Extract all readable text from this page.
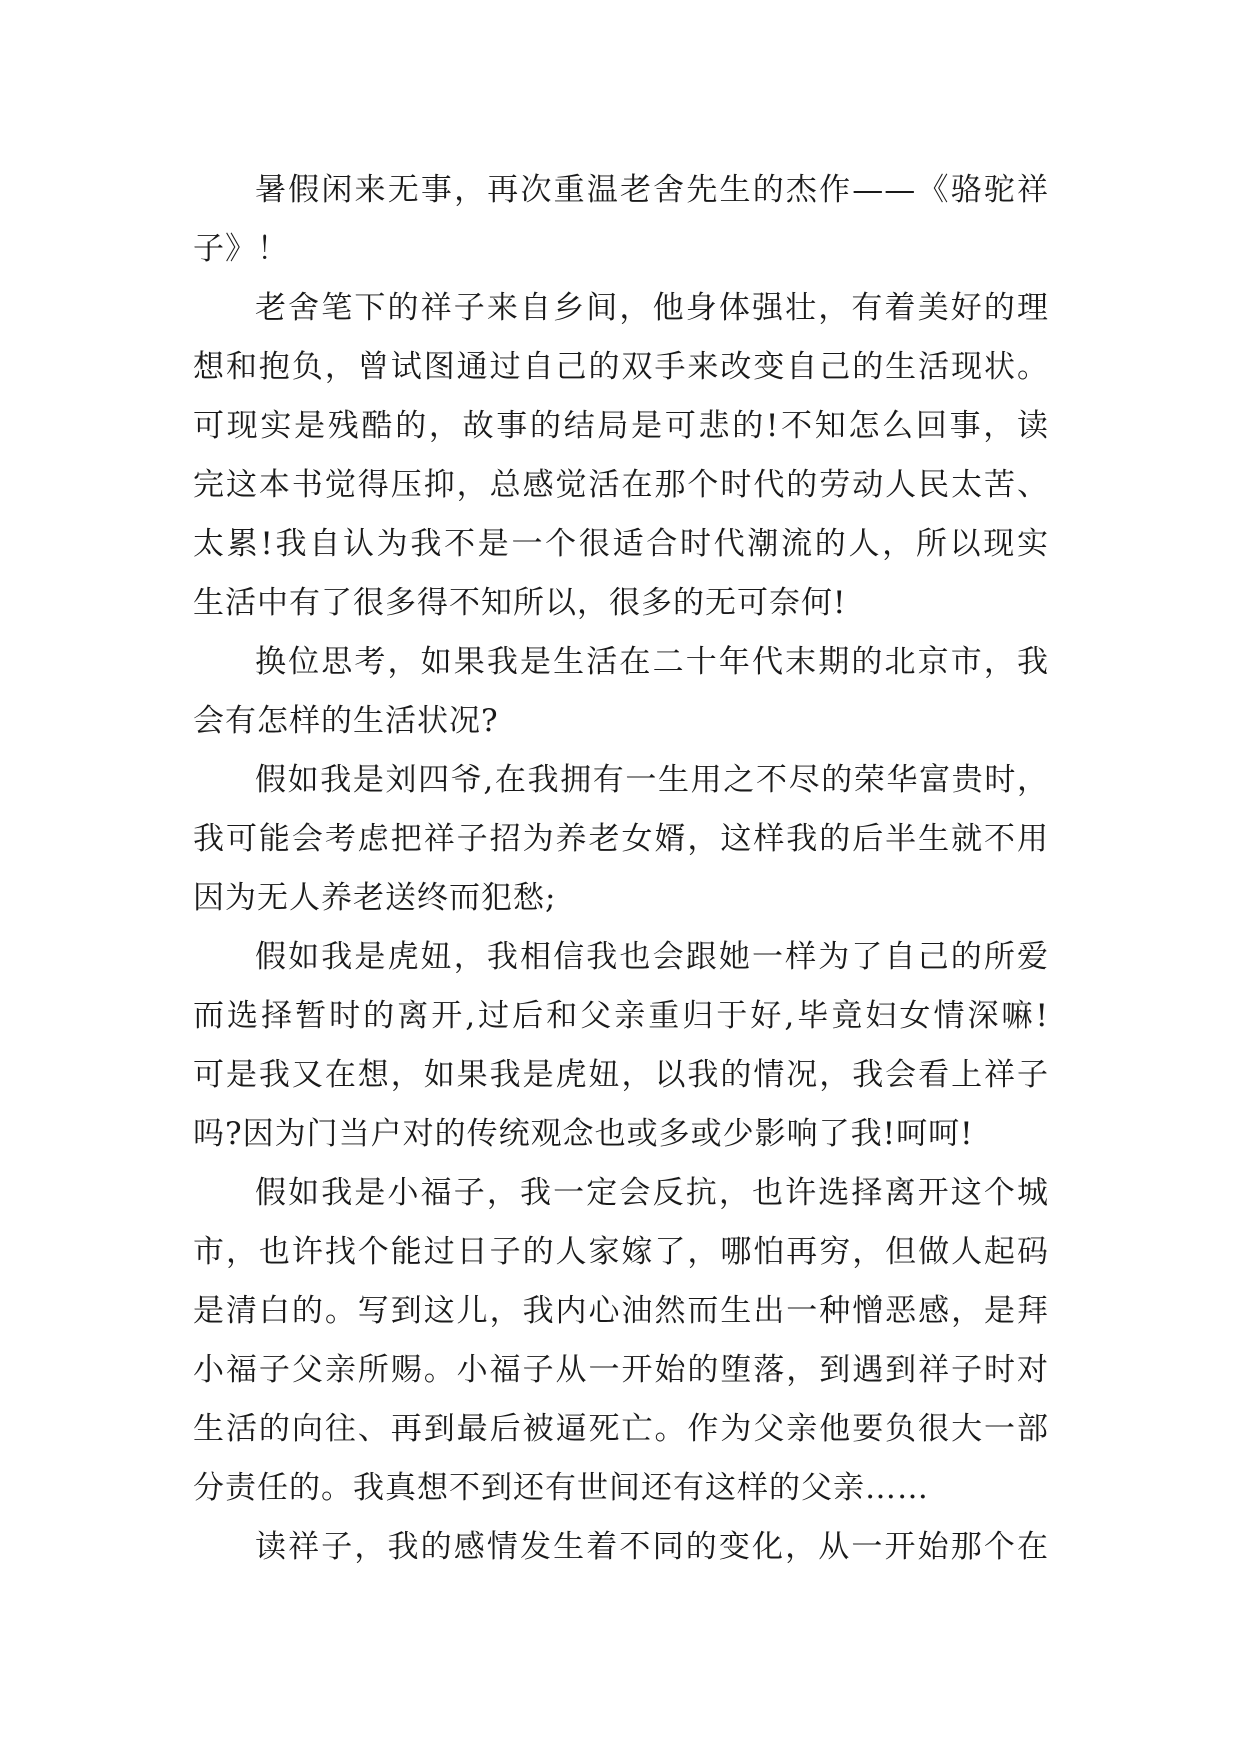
暑假闲来无事，再次重温老舍先生的杰作——《骆驼祥
子》！
老舍笔下的祥子来自乡间，他身体强壮，有着美好的理
想和抱负，曾试图通过自己的双手来改变自己的生活现状。
可现实是残酷的，故事的结局是可悲的!不知怎么回事，读
完这本书觉得压抑，总感觉活在那个时代的劳动人民太苦、
太累!我自认为我不是一个很适合时代潮流的人，所以现实
生活中有了很多得不知所以，很多的无可奈何!
换位思考，如果我是生活在二十年代末期的北京市，我
会有怎样的生活状况?
假如我是刘四爷,在我拥有一生用之不尽的荣华富贵时，
我可能会考虑把祥子招为养老女婿，这样我的后半生就不用
因为无人养老送终而犯愁;
假如我是虎妞，我相信我也会跟她一样为了自己的所爱
而选择暂时的离开,过后和父亲重归于好,毕竟妇女情深嘛!
可是我又在想，如果我是虎妞，以我的情况，我会看上祥子
吗?因为门当户对的传统观念也或多或少影响了我!呵呵!
假如我是小福子，我一定会反抗，也许选择离开这个城
市，也许找个能过日子的人家嫁了，哪怕再穷，但做人起码
是清白的。写到这儿，我内心油然而生出一种憎恶感，是拜
小福子父亲所赐。小福子从一开始的堕落，到遇到祥子时对
生活的向往、再到最后被逼死亡。作为父亲他要负很大一部
分责任的。我真想不到还有世间还有这样的父亲……
读祥子，我的感情发生着不同的变化，从一开始那个在
